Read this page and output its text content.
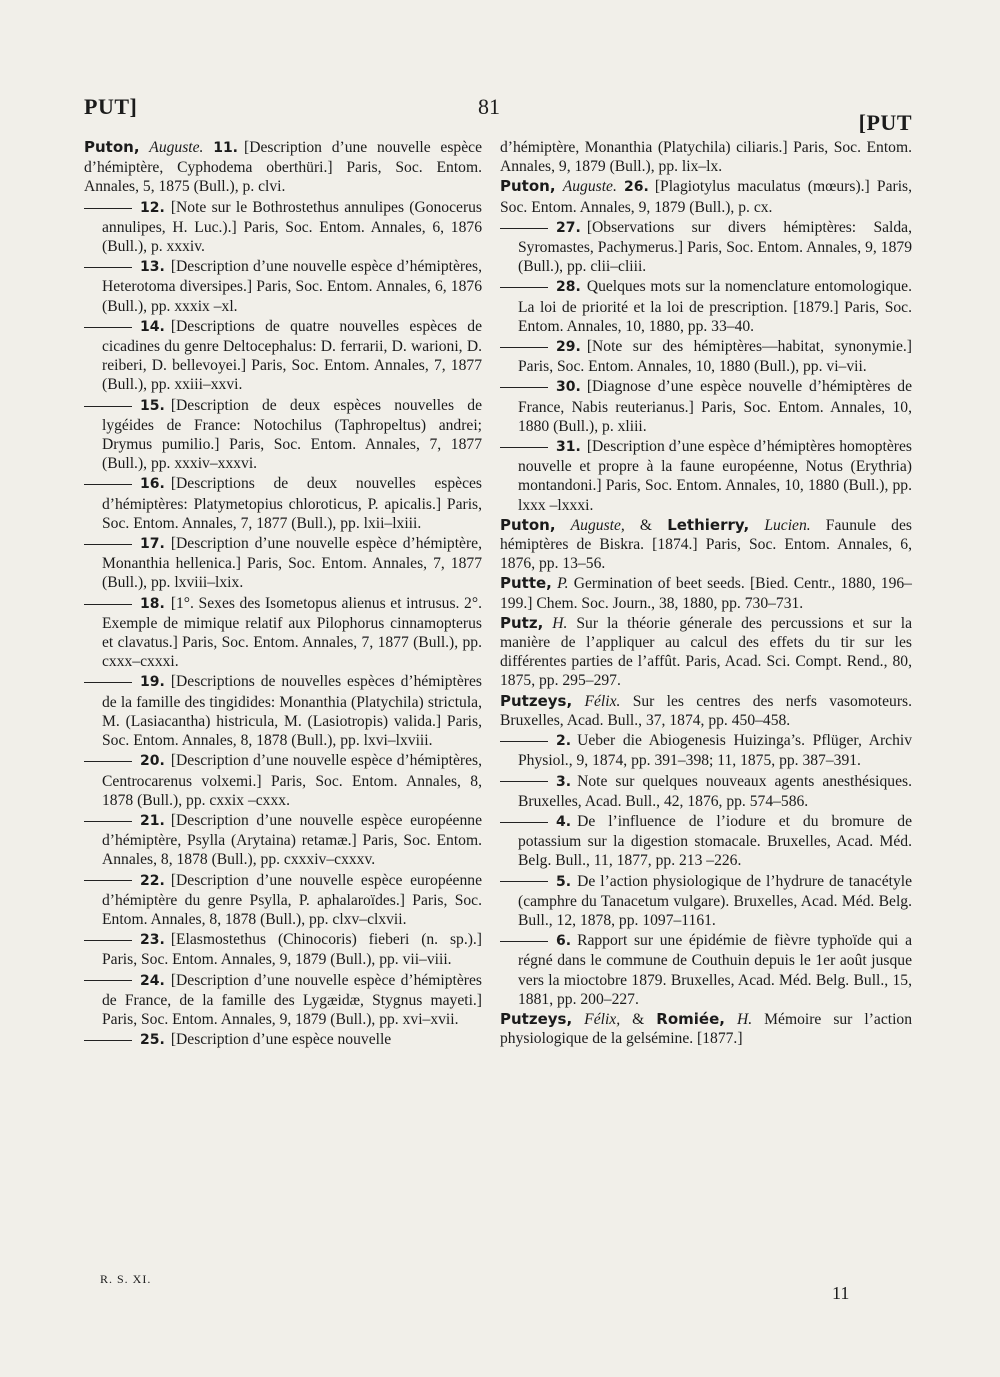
PUT]	81
[PUT

Puton, Auguste. 11. [Description d’une nouvelle espèce d’hémiptère, Cyphodema oberthüri.] Paris, Soc. Entom. Annales, 5, 1875 (Bull.), p. clvi.

12. [Note sur le Bothrostethus annulipes (Gonocerus annulipes, H. Luc.).] Paris, Soc. Entom. Annales, 6, 1876 (Bull.), p. xxxiv.

13. [Description d’une nouvelle espèce d’hémiptères, Heterotoma diversipes.] Paris, Soc. Entom. Annales, 6, 1876 (Bull.), pp. xxxix –xl.

14. [Descriptions de quatre nouvelles espèces de cicadines du genre Deltocephalus: D. ferrarii, D. warioni, D. reiberi, D. bellevoyei.] Paris, Soc. Entom. Annales, 7, 1877 (Bull.), pp. xxiii–xxvi.

15. [Description de deux espèces nouvelles de lygéides de France: Notochilus (Taphropeltus) andrei; Drymus pumilio.] Paris, Soc. Entom. Annales, 7, 1877 (Bull.), pp. xxxiv–xxxvi.

16. [Descriptions de deux nouvelles espèces d’hémiptères: Platymetopius chloroticus, P. apicalis.] Paris, Soc. Entom. Annales, 7, 1877 (Bull.), pp. lxii–lxiii.

17. [Description d’une nouvelle espèce d’hémiptère, Monanthia hellenica.] Paris, Soc. Entom. Annales, 7, 1877 (Bull.), pp. lxviii–lxix.

18. [1°. Sexes des Isometopus alienus et intrusus. 2°. Exemple de mimique relatif aux Pilophorus cinnamopterus et clavatus.] Paris, Soc. Entom. Annales, 7, 1877 (Bull.), pp. cxxx–cxxxi.

19. [Descriptions de nouvelles espèces d’hémiptères de la famille des tingidides: Monanthia (Platychila) strictula, M. (Lasiacantha) histricula, M. (Lasiotropis) valida.] Paris, Soc. Entom. Annales, 8, 1878 (Bull.), pp. lxvi–lxviii.

20. [Description d’une nouvelle espèce d’hémiptères, Centrocarenus volxemi.] Paris, Soc. Entom. Annales, 8, 1878 (Bull.), pp. cxxix –cxxx.

21. [Description d’une nouvelle espèce européenne d’hémiptère, Psylla (Arytaina) retamæ.] Paris, Soc. Entom. Annales, 8, 1878 (Bull.), pp. cxxxiv–cxxxv.

22. [Description d’une nouvelle espèce européenne d’hémiptère du genre Psylla, P. aphalaroïdes.] Paris, Soc. Entom. Annales, 8, 1878 (Bull.), pp. clxv–clxvii.

23. [Elasmostethus (Chinocoris) fieberi (n. sp.).] Paris, Soc. Entom. Annales, 9, 1879 (Bull.), pp. vii–viii.

24. [Description d’une nouvelle espèce d’hémiptères de France, de la famille des Lygæidæ, Stygnus mayeti.] Paris, Soc. Entom. Annales, 9, 1879 (Bull.), pp. xvi–xvii.

25. [Description d’une espèce nouvelle

d’hémiptère, Monanthia (Platychila) ciliaris.] Paris, Soc. Entom. Annales, 9, 1879 (Bull.), pp. lix–lx.

Puton, Auguste. 26. [Plagiotylus maculatus (mœurs).] Paris, Soc. Entom. Annales, 9, 1879 (Bull.), p. cx.

27. [Observations sur divers hémiptères: Salda, Syromastes, Pachymerus.] Paris, Soc. Entom. Annales, 9, 1879 (Bull.), pp. clii–cliii.

28. Quelques mots sur la nomenclature entomologique. La loi de priorité et la loi de prescription. [1879.] Paris, Soc. Entom. Annales, 10, 1880, pp. 33–40.

29. [Note sur des hémiptères—habitat, synonymie.] Paris, Soc. Entom. Annales, 10, 1880 (Bull.), pp. vi–vii.

30. [Diagnose d’une espèce nouvelle d’hémiptères de France, Nabis reuterianus.] Paris, Soc. Entom. Annales, 10, 1880 (Bull.), p. xliii.

31. [Description d’une espèce d’hémiptères homoptères nouvelle et propre à la faune européenne, Notus (Erythria) montandoni.] Paris, Soc. Entom. Annales, 10, 1880 (Bull.), pp. lxxx –lxxxi.

Puton, Auguste, & Lethierry, Lucien. Faunule des hémiptères de Biskra. [1874.] Paris, Soc. Entom. Annales, 6, 1876, pp. 13–56.

Putte, P. Germination of beet seeds. [Bied. Centr., 1880, 196–199.] Chem. Soc. Journ., 38, 1880, pp. 730–731.

Putz, H. Sur la théorie génerale des percussions et sur la manière de l’appliquer au calcul des effets du tir sur les différentes parties de l’affût. Paris, Acad. Sci. Compt. Rend., 80, 1875, pp. 295–297.

Putzeys, Félix. Sur les centres des nerfs vasomoteurs. Bruxelles, Acad. Bull., 37, 1874, pp. 450–458.

2. Ueber die Abiogenesis Huizinga’s. Pflüger, Archiv Physiol., 9, 1874, pp. 391–398; 11, 1875, pp. 387–391.

3. Note sur quelques nouveaux agents anesthésiques. Bruxelles, Acad. Bull., 42, 1876, pp. 574–586.

4. De l’influence de l’iodure et du bromure de potassium sur la digestion stomacale. Bruxelles, Acad. Méd. Belg. Bull., 11, 1877, pp. 213 –226.

5. De l’action physiologique de l’hydrure de tanacétyle (camphre du Tanacetum vulgare). Bruxelles, Acad. Méd. Belg. Bull., 12, 1878, pp. 1097–1161.

6. Rapport sur une épidémie de fièvre typhoïde qui a régné dans le commune de Couthuin depuis le 1er août jusque vers la mioctobre 1879. Bruxelles, Acad. Méd. Belg. Bull., 15, 1881, pp. 200–227.

Putzeys, Félix, & Romiée, H. Mémoire sur l’action physiologique de la gelsémine. [1877.]

R. S. XI.
11
